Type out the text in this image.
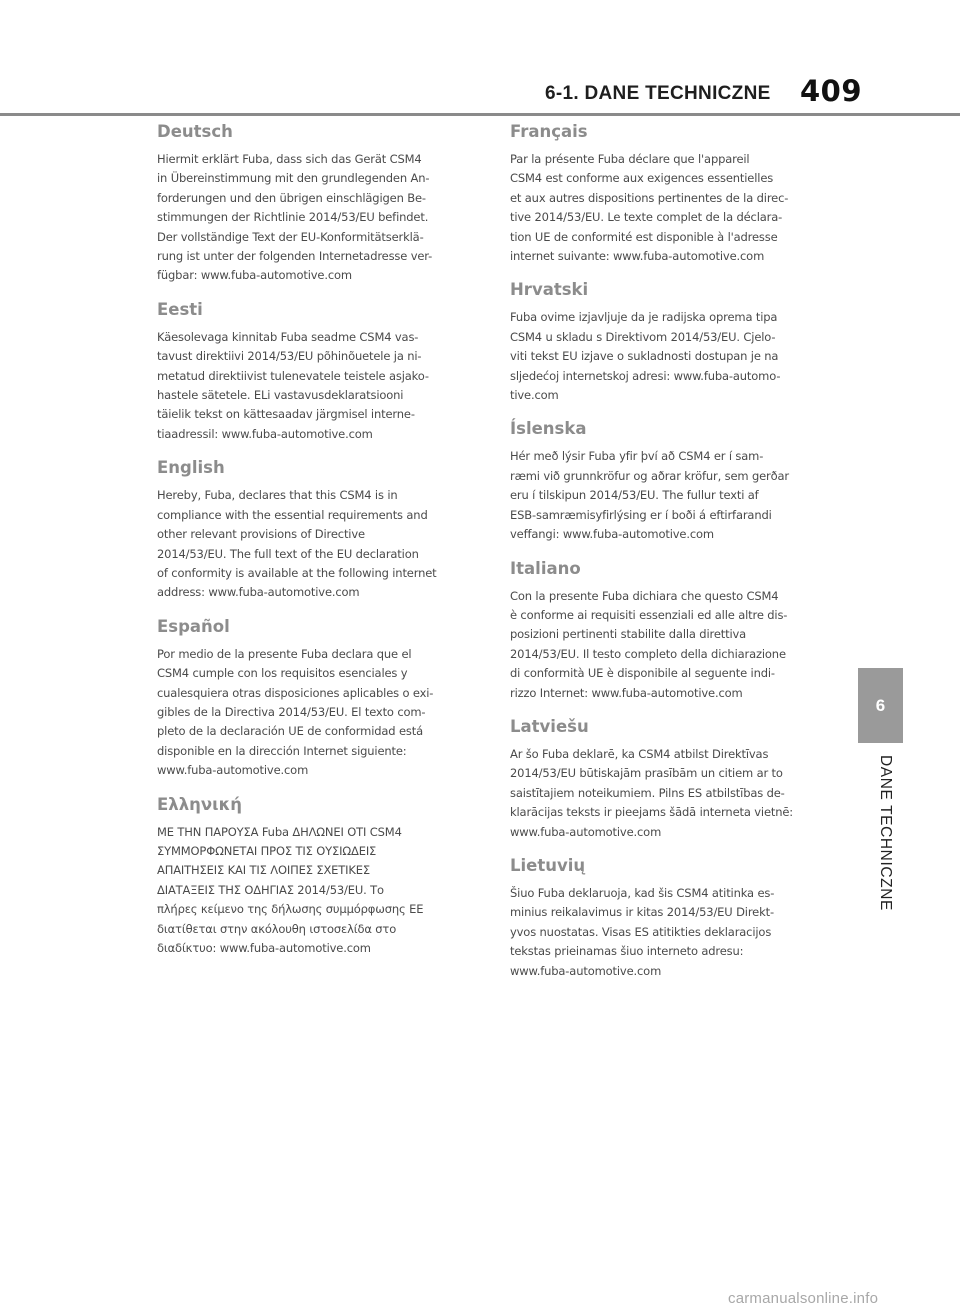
6-1. DANE TECHNICZNE 409
6
DANE TECHNICZNE
Deutsch

Hiermit erklärt Fuba, dass sich das Gerät CSM4
in Übereinstimmung mit den grundlegenden An-
forderungen und den übrigen einschlägigen Be-
stimmungen der Richtlinie 2014/53/EU befindet.
Der vollständige Text der EU-Konformitätserklä-
rung ist unter der folgenden Internetadresse ver-
fügbar: www.fuba-automotive.com

Eesti

Käesolevaga kinnitab Fuba seadme CSM4 vas-
tavust direktiivi 2014/53/EU põhinõuetele ja ni-
metatud direktiivist tulenevatele teistele asjako-
hastele sätetele. ELi vastavusdeklaratsiooni
täielik tekst on kättesaadav järgmisel interne-
tiaadressil: www.fuba-automotive.com

English

Hereby, Fuba, declares that this CSM4 is in
compliance with the essential requirements and
other relevant provisions of Directive
2014/53/EU. The full text of the EU declaration
of conformity is available at the following internet
address: www.fuba-automotive.com

Español

Por medio de la presente Fuba declara que el
CSM4 cumple con los requisitos esenciales y
cualesquiera otras disposiciones aplicables o exi-
gibles de la Directiva 2014/53/EU. El texto com-
pleto de la declaración UE de conformidad está
disponible en la dirección Internet siguiente:
www.fuba-automotive.com

Ελληνική

ΜΕ ΤΗΝ ΠΑΡΟΥΣΑ Fuba ΔΗΛΩΝΕΙ ΟΤΙ CSM4
ΣΥΜΜΟΡΦΩΝΕΤΑΙ ΠΡΟΣ ΤΙΣ ΟΥΣΙΩΔΕΙΣ
ΑΠΑΙΤΗΣΕΙΣ ΚΑΙ ΤΙΣ ΛΟΙΠΕΣ ΣΧΕΤΙΚΕΣ
ΔΙΑΤΑΞΕΙΣ ΤΗΣ ΟΔΗΓΙΑΣ 2014/53/EU. Το
πλήρες κείμενο της δήλωσης συμμόρφωσης ΕΕ
διατίθεται στην ακόλουθη ιστοσελίδα στο
διαδίκτυο: www.fuba-automotive.com

Français

Par la présente Fuba déclare que l'appareil
CSM4 est conforme aux exigences essentielles
et aux autres dispositions pertinentes de la direc-
tive 2014/53/EU. Le texte complet de la déclara-
tion UE de conformité est disponible à l'adresse
internet suivante: www.fuba-automotive.com

Hrvatski

Fuba ovime izjavljuje da je radijska oprema tipa
CSM4 u skladu s Direktivom 2014/53/EU. Cjelo-
viti tekst EU izjave o sukladnosti dostupan je na
sljedećoj internetskoj adresi: www.fuba-automo-
tive.com

Íslenska

Hér með lýsir Fuba yfir því að CSM4 er í sam-
ræmi við grunnkröfur og aðrar kröfur, sem gerðar
eru í tilskipun 2014/53/EU. The fullur texti af
ESB-samræmisyfirlýsing er í boði á eftirfarandi
veffangi: www.fuba-automotive.com

Italiano

Con la presente Fuba dichiara che questo CSM4
è conforme ai requisiti essenziali ed alle altre dis-
posizioni pertinenti stabilite dalla direttiva
2014/53/EU. Il testo completo della dichiarazione
di conformità UE è disponibile al seguente indi-
rizzo Internet: www.fuba-automotive.com

Latviešu

Ar šo Fuba deklarē, ka CSM4 atbilst Direktīvas
2014/53/EU būtiskajām prasībām un citiem ar to
saistītajiem noteikumiem. Pilns ES atbilstības de-
klarācijas teksts ir pieejams šādā interneta vietnē:
www.fuba-automotive.com

Lietuvių

Šiuo Fuba deklaruoja, kad šis CSM4 atitinka es-
minius reikalavimus ir kitas 2014/53/EU Direkt-
yvos nuostatas. Visas ES atitikties deklaracijos
tekstas prieinamas šiuo interneto adresu:
www.fuba-automotive.com

carmanualsonline.info
